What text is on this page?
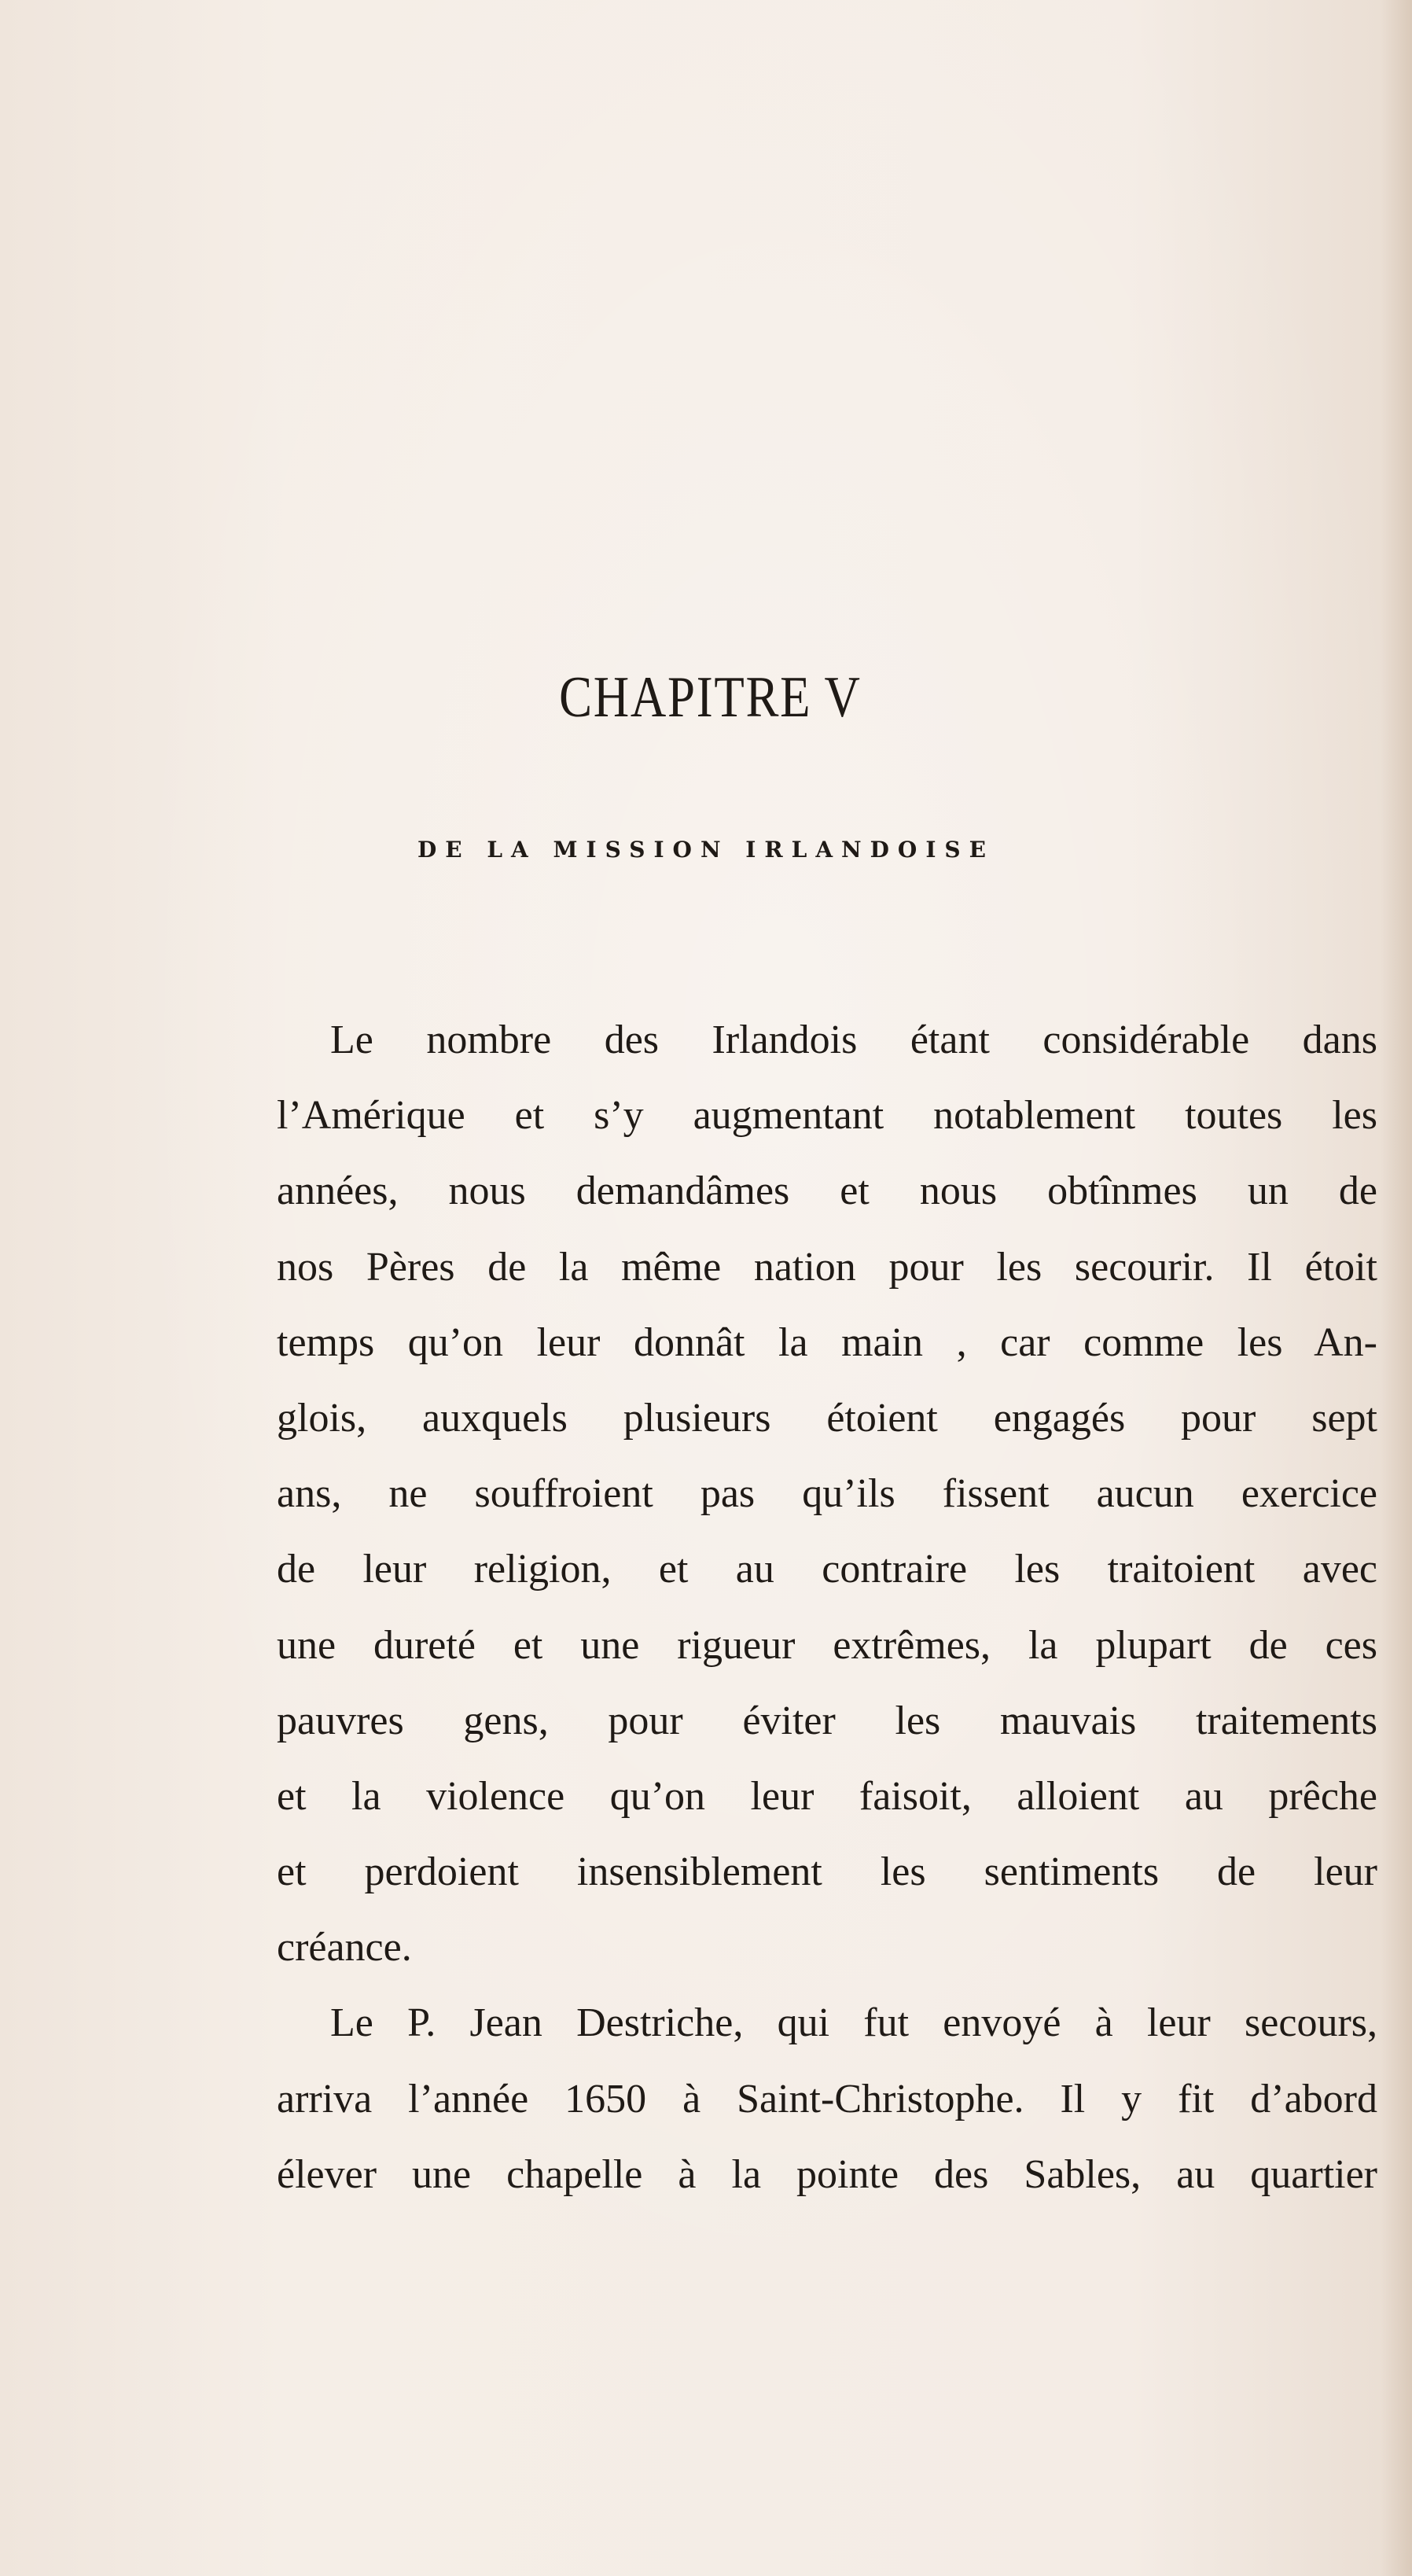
CHAPITRE V
DE LA MISSION IRLANDOISE
Le nombre des Irlandois étant considérable dans
l’Amérique et s’y augmentant notablement toutes les
années, nous demandâmes et nous obtînmes un de
nos Pères de la même nation pour les secourir. Il étoit
temps qu’on leur donnât la main , car comme les An-
glois, auxquels plusieurs étoient engagés pour sept
ans, ne souffroient pas qu’ils fissent aucun exercice
de leur religion, et au contraire les traitoient avec
une dureté et une rigueur extrêmes, la plupart de ces
pauvres gens, pour éviter les mauvais traitements
et la violence qu’on leur faisoit, alloient au prêche
et perdoient insensiblement les sentiments de leur
créance.
Le P. Jean Destriche, qui fut envoyé à leur secours,
arriva l’année 1650 à Saint-Christophe. Il y fit d’abord
élever une chapelle à la pointe des Sables, au quartier
